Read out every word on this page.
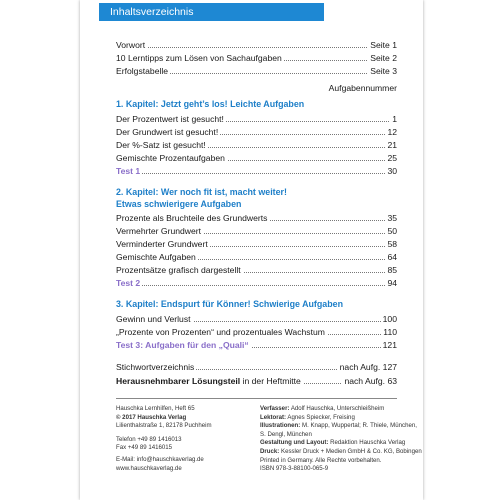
Inhaltsverzeichnis
Vorwort	Seite 1
10 Lerntipps zum Lösen von Sachaufgaben	Seite 2
Erfolgstabelle	Seite 3
Aufgabennummer
1. Kapitel: Jetzt geht’s los! Leichte Aufgaben
Der Prozentwert ist gesucht!	1
Der Grundwert ist gesucht!	12
Der %-Satz ist gesucht!	21
Gemischte Prozentaufgaben	25
Test 1	30
2. Kapitel: Wer noch fit ist, macht weiter!
Etwas schwierigere Aufgaben
Prozente als Bruchteile des Grundwerts	35
Vermehrter Grundwert	50
Verminderter Grundwert	58
Gemischte Aufgaben	64
Prozentsätze grafisch dargestellt	85
Test 2	94
3. Kapitel: Endspurt für Könner! Schwierige Aufgaben
Gewinn und Verlust	100
„Prozente von Prozenten“ und prozentuales Wachstum	110
Test 3: Aufgaben für den „Quali“	121
Stichwortverzeichnis	nach Aufg. 127
Herausnehmbarer Lösungsteil in der Heftmitte	nach Aufg. 63
Hauschka Lernhilfen, Heft 65
© 2017 Hauschka Verlag
Lilienthalstraße 1, 82178 Puchheim
Telefon +49 89 1416013
Fax +49 89 1416015
E-Mail: info@hauschkaverlag.de
www.hauschkaverlag.de
Verfasser: Adolf Hauschka, Unterschleißheim
Lektorat: Agnes Spiecker, Freising
Illustrationen: M. Knapp, Wuppertal; R. Thiele, München,
S. Dengl, München
Gestaltung und Layout: Redaktion Hauschka Verlag
Druck: Kessler Druck + Medien GmbH & Co. KG, Bobingen
Printed in Germany. Alle Rechte vorbehalten.
ISBN 978-3-88100-065-9
